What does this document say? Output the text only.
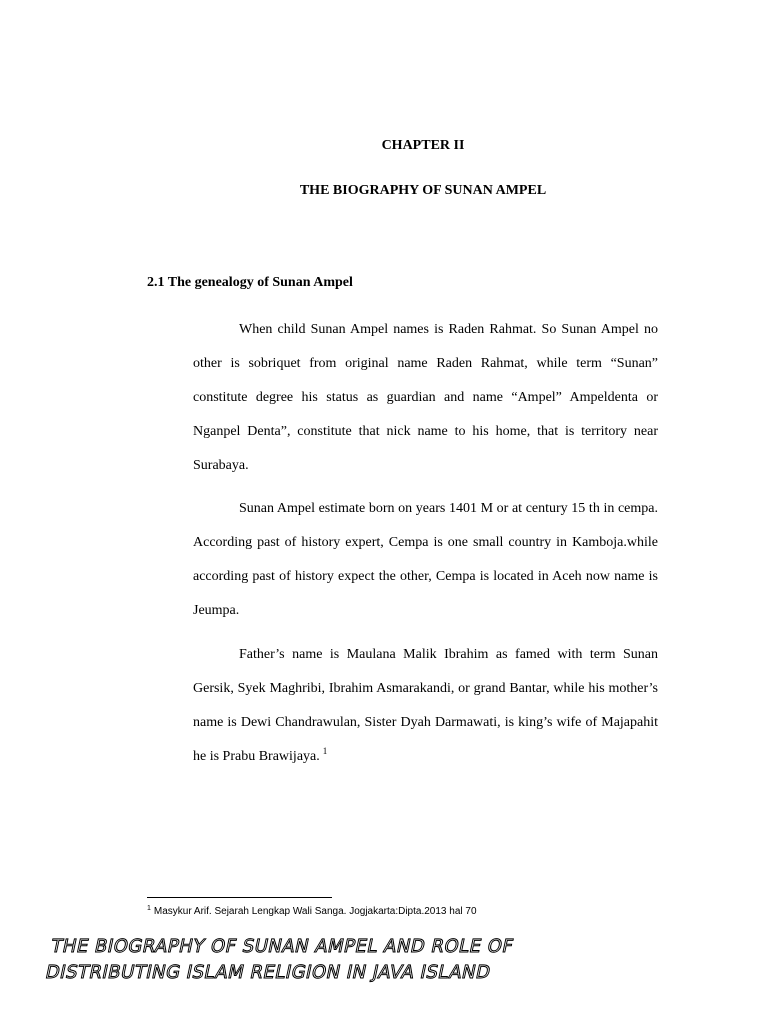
CHAPTER II
THE BIOGRAPHY OF SUNAN AMPEL
2.1 The genealogy of Sunan Ampel

When child Sunan Ampel names is Raden Rahmat. So Sunan Ampel no other is sobriquet from original name Raden Rahmat, while term “Sunan” constitute degree his status as guardian and name “Ampel” Ampeldenta or Nganpel Denta”, constitute that nick name to his home, that is territory near Surabaya.

Sunan Ampel estimate born on years 1401 M or at century 15 th in cempa. According past of history expert, Cempa is one small country in Kamboja.while according past of history expect the other, Cempa is located in Aceh now name is Jeumpa.

Father’s name is Maulana Malik Ibrahim as famed with term Sunan Gersik, Syek Maghribi, Ibrahim Asmarakandi, or grand Bantar, while his mother’s name is Dewi Chandrawulan, Sister Dyah Darmawati, is king’s wife of Majapahit he is Prabu Brawijaya. $^1$

$^1$ Masykur Arif. Sejarah Lengkap Wali Sanga. Jogjakarta:Dipta.2013 hal 70

THE BIOGRAPHY OF SUNAN AMPEL AND ROLE OF
DISTRIBUTING ISLAM RELIGION IN JAVA ISLAND
